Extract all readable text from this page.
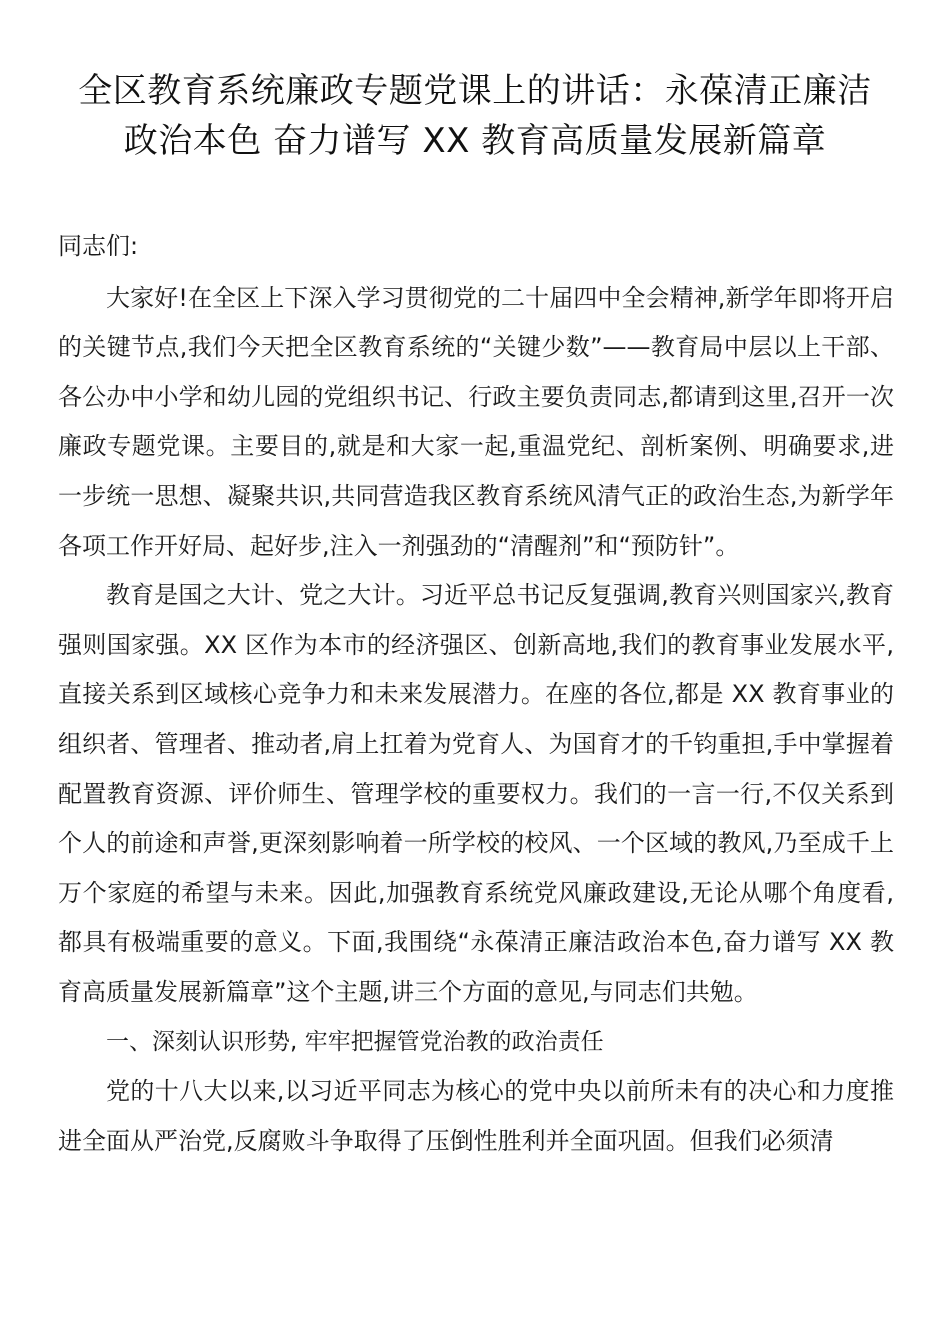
全区教育系统廉政专题党课上的讲话：永葆清正廉洁
政治本色 奋力谱写 XX 教育高质量发展新篇章

同志们:

大家好!在全区上下深入学习贯彻党的二十届四中全会精神,新学年即将开启的关键节点,我们今天把全区教育系统的“关键少数”——教育局中层以上干部、各公办中小学和幼儿园的党组织书记、行政主要负责同志,都请到这里,召开一次廉政专题党课。主要目的,就是和大家一起,重温党纪、剖析案例、明确要求,进一步统一思想、凝聚共识,共同营造我区教育系统风清气正的政治生态,为新学年各项工作开好局、起好步,注入一剂强劲的“清醒剂”和“预防针”。

教育是国之大计、党之大计。习近平总书记反复强调,教育兴则国家兴,教育强则国家强。XX 区作为本市的经济强区、创新高地,我们的教育事业发展水平,直接关系到区域核心竞争力和未来发展潜力。在座的各位,都是 XX 教育事业的组织者、管理者、推动者,肩上扛着为党育人、为国育才的千钧重担,手中掌握着配置教育资源、评价师生、管理学校的重要权力。我们的一言一行,不仅关系到个人的前途和声誉,更深刻影响着一所学校的校风、一个区域的教风,乃至成千上万个家庭的希望与未来。因此,加强教育系统党风廉政建设,无论从哪个角度看,都具有极端重要的意义。下面,我围绕“永葆清正廉洁政治本色,奋力谱写 XX 教育高质量发展新篇章”这个主题,讲三个方面的意见,与同志们共勉。

一、深刻认识形势, 牢牢把握管党治教的政治责任

党的十八大以来,以习近平同志为核心的党中央以前所未有的决心和力度推进全面从严治党,反腐败斗争取得了压倒性胜利并全面巩固。但我们必须清
